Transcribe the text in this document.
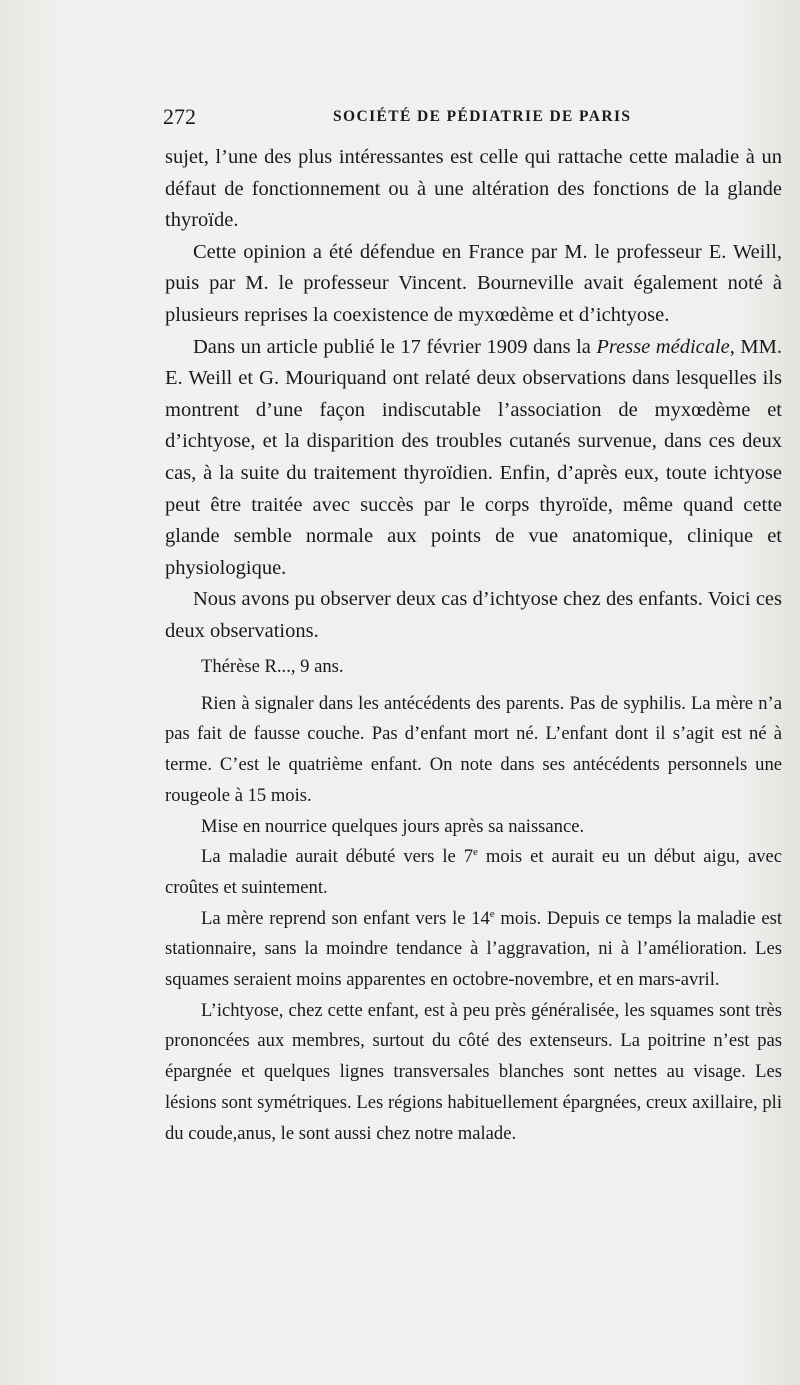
272	SOCIÉTÉ DE PÉDIATRIE DE PARIS

sujet, l’une des plus intéressantes est celle qui rattache cette maladie à un défaut de fonctionnement ou à une altération des fonctions de la glande thyroïde.

Cette opinion a été défendue en France par M. le professeur E. Weill, puis par M. le professeur Vincent. Bourneville avait également noté à plusieurs reprises la coexistence de myxœdème et d’ichtyose.

Dans un article publié le 17 février 1909 dans la Presse médicale, MM. E. Weill et G. Mouriquand ont relaté deux observations dans lesquelles ils montrent d’une façon indiscutable l’association de myxœdème et d’ichtyose, et la disparition des troubles cutanés survenue, dans ces deux cas, à la suite du traitement thyroïdien. Enfin, d’après eux, toute ichtyose peut être traitée avec succès par le corps thyroïde, même quand cette glande semble normale aux points de vue anatomique, clinique et physiologique.

Nous avons pu observer deux cas d’ichtyose chez des enfants. Voici ces deux observations.

Thérèse R..., 9 ans.

Rien à signaler dans les antécédents des parents. Pas de syphilis. La mère n’a pas fait de fausse couche. Pas d’enfant mort né. L’enfant dont il s’agit est né à terme. C’est le quatrième enfant. On note dans ses antécédents personnels une rougeole à 15 mois.

Mise en nourrice quelques jours après sa naissance.

La maladie aurait débuté vers le 7e mois et aurait eu un début aigu, avec croûtes et suintement.

La mère reprend son enfant vers le 14e mois. Depuis ce temps la maladie est stationnaire, sans la moindre tendance à l’aggravation, ni à l’amélioration. Les squames seraient moins apparentes en octobre-novembre, et en mars-avril.

L’ichtyose, chez cette enfant, est à peu près généralisée, les squames sont très prononcées aux membres, surtout du côté des extenseurs. La poitrine n’est pas épargnée et quelques lignes transversales blanches sont nettes au visage. Les lésions sont symétriques. Les régions habituellement épargnées, creux axillaire, pli du coude,anus, le sont aussi chez notre malade.
